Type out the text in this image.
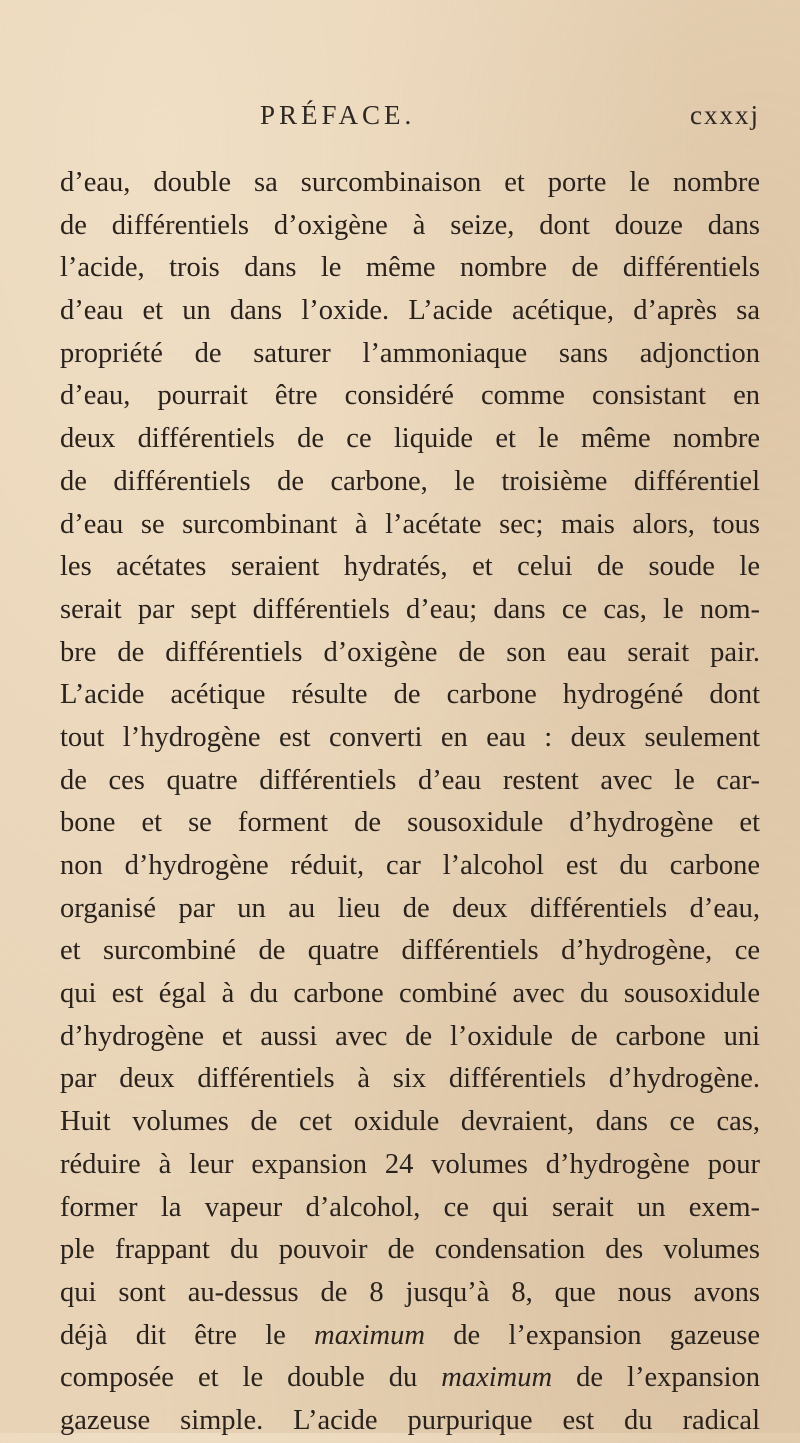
PRÉFACE.	cxxxj
d’eau, double sa surcombinaison et porte le nombre
de différentiels d’oxigène à seize, dont douze dans
l’acide, trois dans le même nombre de différentiels
d’eau et un dans l’oxide. L’acide acétique, d’après sa
propriété de saturer l’ammoniaque sans adjonction
d’eau, pourrait être considéré comme consistant en
deux différentiels de ce liquide et le même nombre
de différentiels de carbone, le troisième différentiel
d’eau se surcombinant à l’acétate sec; mais alors, tous
les acétates seraient hydratés, et celui de soude le
serait par sept différentiels d’eau; dans ce cas, le nom-
bre de différentiels d’oxigène de son eau serait pair.
L’acide acétique résulte de carbone hydrogéné dont
tout l’hydrogène est converti en eau : deux seulement
de ces quatre différentiels d’eau restent avec le car-
bone et se forment de sousoxidule d’hydrogène et
non d’hydrogène réduit, car l’alcohol est du carbone
organisé par un au lieu de deux différentiels d’eau,
et surcombiné de quatre différentiels d’hydrogène, ce
qui est égal à du carbone combiné avec du sousoxidule
d’hydrogène et aussi avec de l’oxidule de carbone uni
par deux différentiels à six différentiels d’hydrogène.
Huit volumes de cet oxidule devraient, dans ce cas,
réduire à leur expansion 24 volumes d’hydrogène pour
former la vapeur d’alcohol, ce qui serait un exem-
ple frappant du pouvoir de condensation des volumes
qui sont au-dessus de 8 jusqu’à 8, que nous avons
déjà dit être le maximum de l’expansion gazeuse
composée et le double du maximum de l’expansion
gazeuse simple. L’acide purpurique est du radical
